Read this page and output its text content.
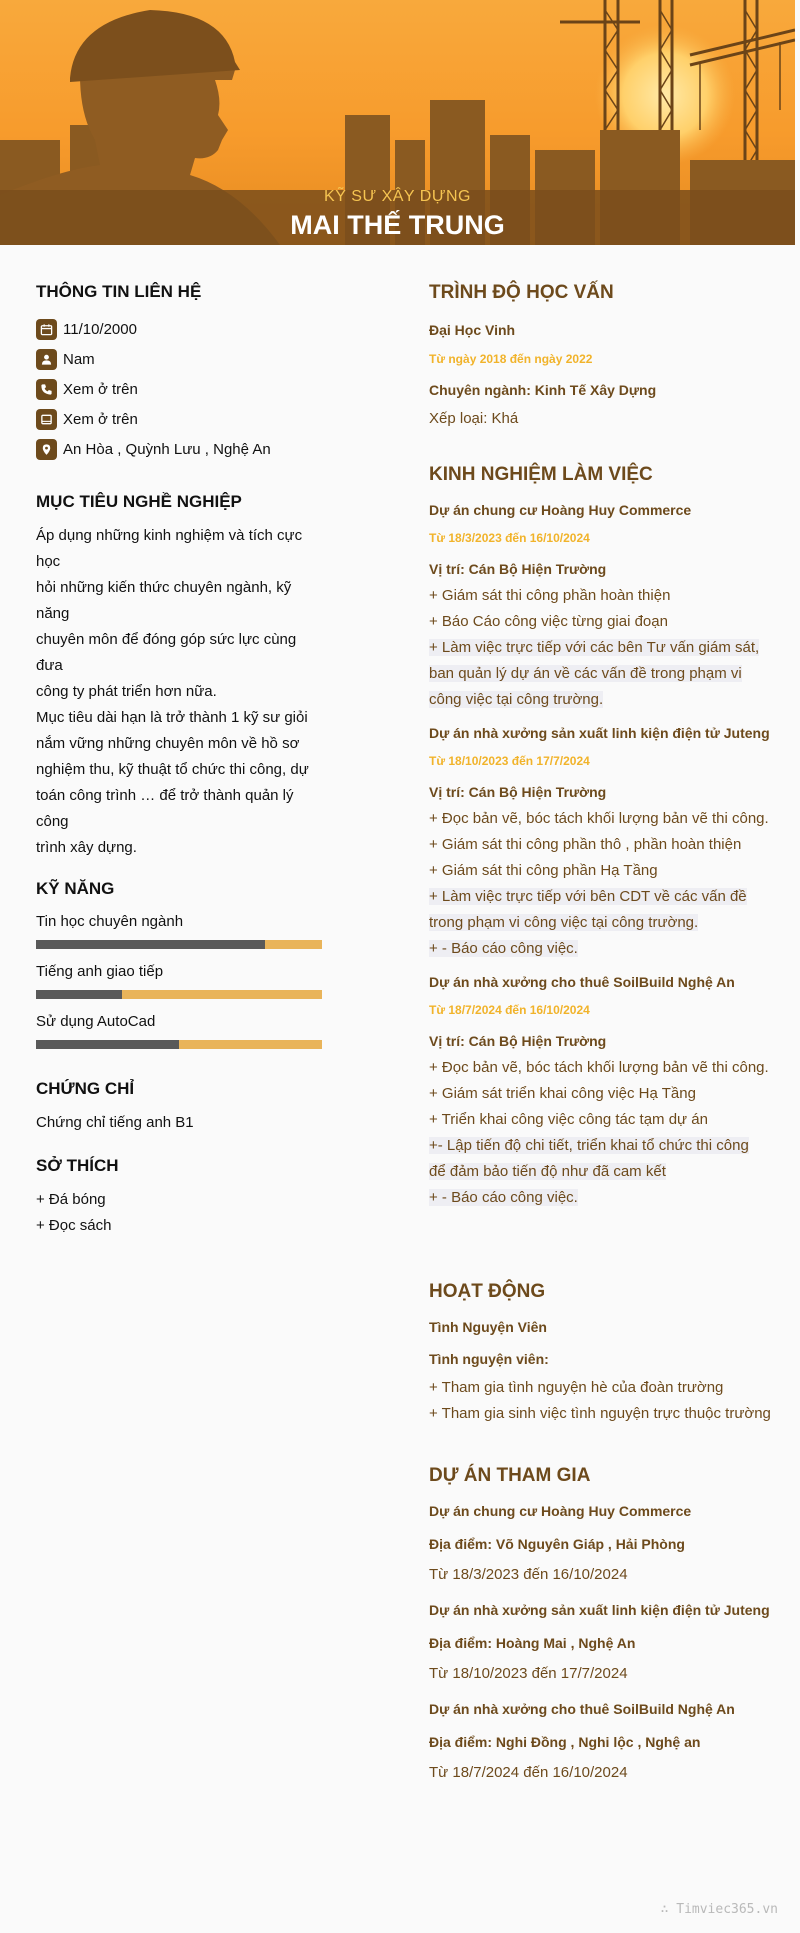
KỸ SƯ XÂY DỰNG
MAI THẾ TRUNG
THÔNG TIN LIÊN HỆ
11/10/2000
Nam
Xem ở trên
Xem ở trên
An Hòa , Quỳnh Lưu , Nghệ An
MỤC TIÊU NGHỀ NGHIỆP
Áp dụng những kinh nghiệm và tích cực học
hỏi những kiến thức chuyên ngành, kỹ năng
chuyên môn để đóng góp sức lực cùng đưa
công ty phát triển hơn nữa.
Mục tiêu dài hạn là trở thành 1 kỹ sư giỏi
nắm vững những chuyên môn về hồ sơ
nghiệm thu, kỹ thuật tổ chức thi công, dự
toán công trình … để trở thành quản lý công
trình xây dựng.
KỸ NĂNG
Tin học chuyên ngành
Tiếng anh giao tiếp
Sử dụng AutoCad
CHỨNG CHỈ
Chứng chỉ tiếng anh B1
SỞ THÍCH
+ Đá bóng
+ Đọc sách
TRÌNH ĐỘ HỌC VẤN
Đại Học Vinh
Từ ngày 2018 đến ngày 2022
Chuyên ngành: Kinh Tế Xây Dựng
Xếp loại: Khá
KINH NGHIỆM LÀM VIỆC
Dự án chung cư Hoàng Huy Commerce
Từ 18/3/2023 đến 16/10/2024
Vị trí: Cán Bộ Hiện Trường
+ Giám sát thi công phần hoàn thiện
+ Báo Cáo công việc từng giai đoạn
+ Làm việc trực tiếp với các bên Tư vấn giám sát,
ban quản lý dự án về các vấn đề trong phạm vi
công việc tại công trường.
Dự án nhà xưởng sản xuất linh kiện điện tử Juteng
Từ 18/10/2023 đến 17/7/2024
Vị trí: Cán Bộ Hiện Trường
+ Đọc bản vẽ, bóc tách khối lượng bản vẽ thi công.
+ Giám sát thi công phần thô , phần hoàn thiện
+ Giám sát thi công phần Hạ Tầng
+ Làm việc trực tiếp với bên CDT về các vấn đề
trong phạm vi công việc tại công trường.
+ - Báo cáo công việc.
Dự án nhà xưởng cho thuê SoilBuild Nghệ An
Từ 18/7/2024 đến 16/10/2024
Vị trí: Cán Bộ Hiện Trường
+ Đọc bản vẽ, bóc tách khối lượng bản vẽ thi công.
+ Giám sát triển khai công việc Hạ Tầng
+ Triển khai công việc công tác tạm dự án
+- Lập tiến độ chi tiết, triển khai tổ chức thi công
để đảm bảo tiến độ như đã cam kết
+ - Báo cáo công việc.
HOẠT ĐỘNG
Tình Nguyện Viên
Tình nguyện viên:
+ Tham gia tình nguyện hè của đoàn trường
+ Tham gia sinh việc tình nguyện trực thuộc trường
DỰ ÁN THAM GIA
Dự án chung cư Hoàng Huy Commerce
Địa điểm: Võ Nguyên Giáp , Hải Phòng
Từ 18/3/2023 đến 16/10/2024
Dự án nhà xưởng sản xuất linh kiện điện tử Juteng
Địa điểm: Hoàng Mai , Nghệ An
Từ 18/10/2023 đến 17/7/2024
Dự án nhà xưởng cho thuê SoilBuild Nghệ An
Địa điểm: Nghi Đồng , Nghi lộc , Nghệ an
Từ 18/7/2024 đến 16/10/2024
∴ Timviec365.vn
